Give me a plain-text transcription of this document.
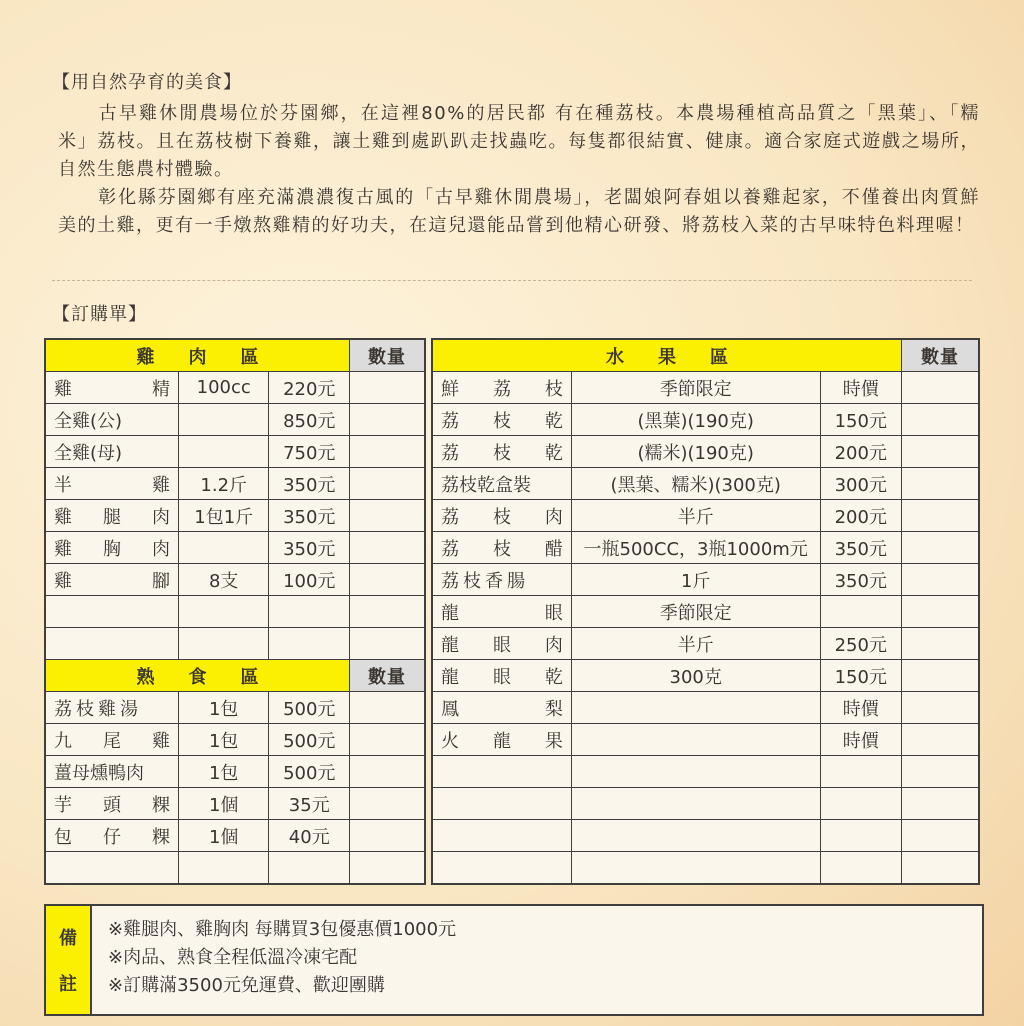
【用自然孕育的美食】

古早雞休閒農場位於芬園鄉，在這裡80%的居民都 有在種荔枝。本農場種植高品質之「黑葉」、「糯米」荔枝。且在荔枝樹下養雞，讓土雞到處趴趴走找蟲吃。每隻都很結實、健康。適合家庭式遊戲之場所，自然生態農村體驗。

彰化縣芬園鄉有座充滿濃濃復古風的「古早雞休閒農場」，老闆娘阿春姐以養雞起家，不僅養出肉質鮮美的土雞，更有一手燉熬雞精的好功夫，在這兒還能品嘗到他精心研發、將荔枝入菜的古早味特色料理喔！

【訂購單】
雞肉區			數量

雞 精	100cc	220元	
全雞(公)		850元	
全雞(母)		750元	

半 雞	1.2斤	350元	

雞 腿 肉	1包1斤	350元	

雞 胸 肉		350元	

雞 腳	8支	100元	

熟食區			數量
荔枝雞湯	1包	500元	

九 尾 雞	1包	500元	
薑母燻鴨肉	1包	500元	

芋 頭 粿	1個	35元	

包 仔 粿	1個	40元	

水果區			數量

鮮 荔 枝	季節限定	時價	

荔 枝 乾	(黑葉)(190克)	150元	

荔 枝 乾	(糯米)(190克)	200元	
荔枝乾盒裝	(黑葉、糯米)(300克)	300元	

荔 枝 肉	半斤	200元	

荔 枝 醋	一瓶500CC，3瓶1000m元	350元	
荔枝香腸	1斤	350元	

龍 眼	季節限定		

龍 眼 肉	半斤	250元	

龍 眼 乾	300克	150元	

鳳 梨		時價	

火 龍 果		時價	

備
註
※雞腿肉、雞胸肉 每購買3包優惠價1000元
※肉品、熟食全程低溫冷凍宅配
※訂購滿3500元免運費、歡迎團購
